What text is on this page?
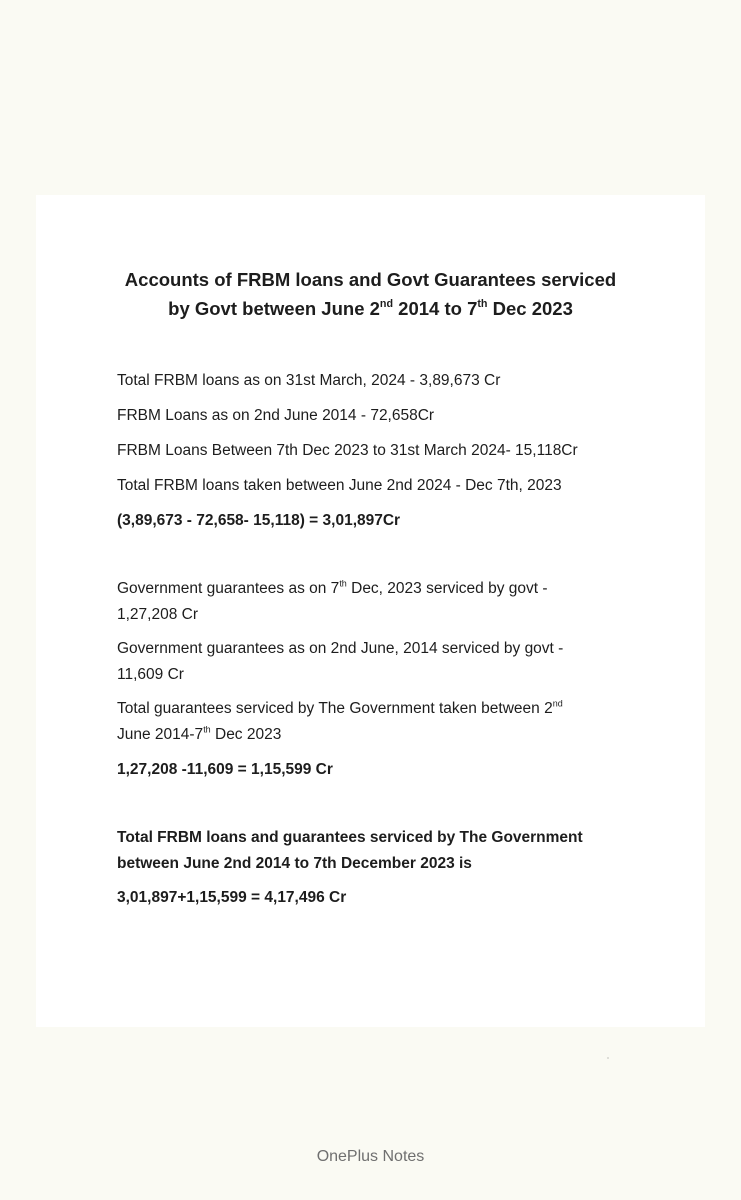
Accounts of FRBM loans and Govt Guarantees serviced
by Govt between June 2nd 2014 to 7th Dec 2023

Total FRBM loans as on 31st March, 2024 - 3,89,673 Cr

FRBM Loans as on 2nd June 2014 - 72,658Cr

FRBM Loans Between 7th Dec 2023 to 31st March 2024- 15,118Cr

Total FRBM loans taken between June 2nd 2024 - Dec 7th, 2023

(3,89,673 - 72,658- 15,118) = 3,01,897Cr

Government guarantees as on 7th Dec, 2023 serviced by govt -
1,27,208 Cr

Government guarantees as on 2nd June, 2014 serviced by govt -
11,609 Cr

Total guarantees serviced by The Government taken between 2nd
June 2014-7th Dec 2023

1,27,208 -11,609 = 1,15,599 Cr

Total FRBM loans and guarantees serviced by The Government
between June 2nd 2014 to 7th December 2023 is

3,01,897+1,15,599 = 4,17,496 Cr

OnePlus Notes
